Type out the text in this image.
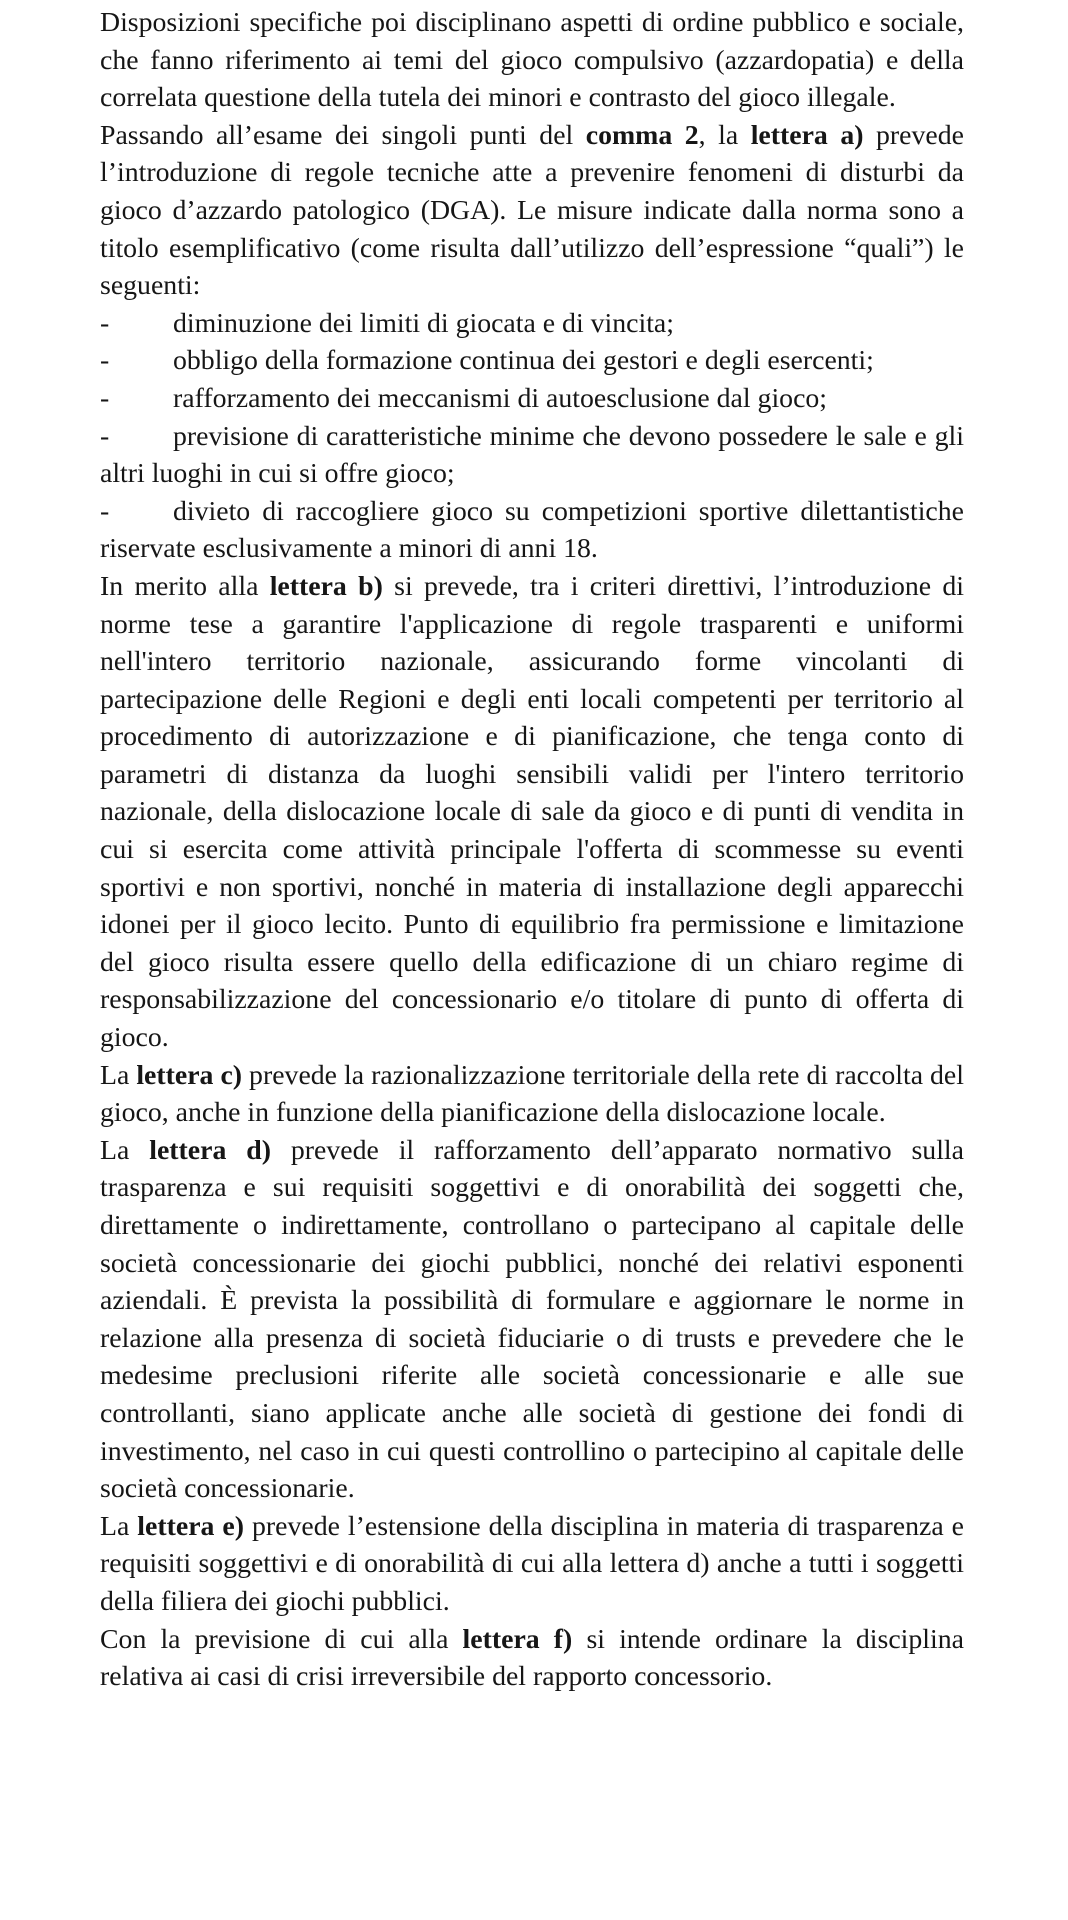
Disposizioni specifiche poi disciplinano aspetti di ordine pubblico e sociale, che fanno riferimento ai temi del gioco compulsivo (azzardopatia) e della correlata questione della tutela dei minori e contrasto del gioco illegale.

Passando all’esame dei singoli punti del comma 2, la lettera a) prevede l’introduzione di regole tecniche atte a prevenire fenomeni di disturbi da gioco d’azzardo patologico (DGA). Le misure indicate dalla norma sono a titolo esemplificativo (come risulta dall’utilizzo dell’espressione “quali”) le seguenti:

- diminuzione dei limiti di giocata e di vincita;

- obbligo della formazione continua dei gestori e degli esercenti;

- rafforzamento dei meccanismi di autoesclusione dal gioco;

- previsione di caratteristiche minime che devono possedere le sale e gli altri luoghi in cui si offre gioco;

- divieto di raccogliere gioco su competizioni sportive dilettantistiche riservate esclusivamente a minori di anni 18.

In merito alla lettera b) si prevede, tra i criteri direttivi, l’introduzione di norme tese a garantire l'applicazione di regole trasparenti e uniformi nell'intero territorio nazionale, assicurando forme vincolanti di partecipazione delle Regioni e degli enti locali competenti per territorio al procedimento di autorizzazione e di pianificazione, che tenga conto di parametri di distanza da luoghi sensibili validi per l'intero territorio nazionale, della dislocazione locale di sale da gioco e di punti di vendita in cui si esercita come attività principale l'offerta di scommesse su eventi sportivi e non sportivi, nonché in materia di installazione degli apparecchi idonei per il gioco lecito. Punto di equilibrio fra permissione e limitazione del gioco risulta essere quello della edificazione di un chiaro regime di responsabilizzazione del concessionario e/o titolare di punto di offerta di gioco.

La lettera c) prevede la razionalizzazione territoriale della rete di raccolta del gioco, anche in funzione della pianificazione della dislocazione locale.

La lettera d) prevede il rafforzamento dell’apparato normativo sulla trasparenza e sui requisiti soggettivi e di onorabilità dei soggetti che, direttamente o indirettamente, controllano o partecipano al capitale delle società concessionarie dei giochi pubblici, nonché dei relativi esponenti aziendali. È prevista la possibilità di formulare e aggiornare le norme in relazione alla presenza di società fiduciarie o di trusts e prevedere che le medesime preclusioni riferite alle società concessionarie e alle sue controllanti, siano applicate anche alle società di gestione dei fondi di investimento, nel caso in cui questi controllino o partecipino al capitale delle società concessionarie.

La lettera e) prevede l’estensione della disciplina in materia di trasparenza e requisiti soggettivi e di onorabilità di cui alla lettera d) anche a tutti i soggetti della filiera dei giochi pubblici.

Con la previsione di cui alla lettera f) si intende ordinare la disciplina relativa ai casi di crisi irreversibile del rapporto concessorio.
